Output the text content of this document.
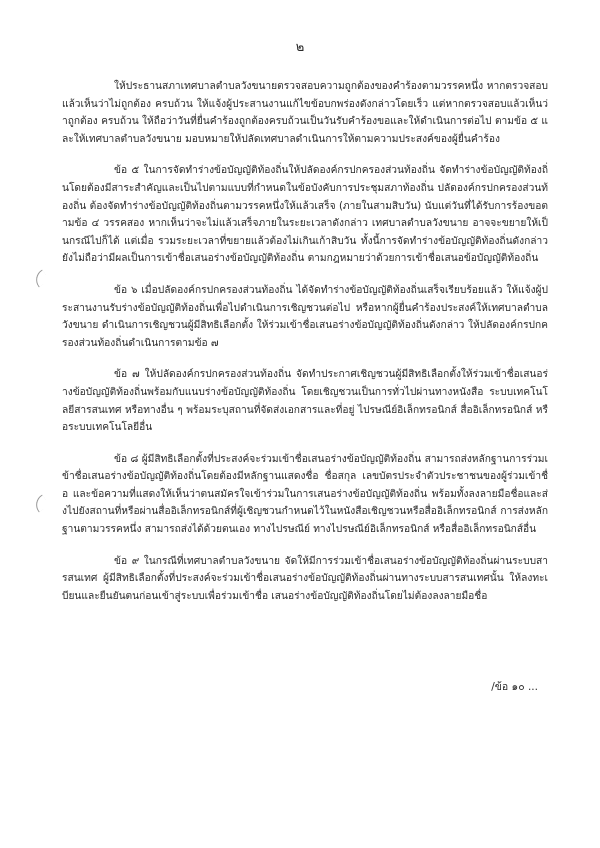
๒

ให้ประธานสภาเทศบาลตำบลวังขนายตรวจสอบความถูกต้องของคำร้องตามวรรคหนึ่ง หากตรวจสอบแล้วเห็นว่าไม่ถูกต้อง ครบถ้วน ให้แจ้งผู้ประสานงานแก้ไขข้อบกพร่องดังกล่าวโดยเร็ว แต่หากตรวจสอบแล้วเห็นว่าถูกต้อง ครบถ้วน ให้ถือว่าวันที่ยื่นคำร้องถูกต้องครบถ้วนเป็นวันรับคำร้องขอและให้ดำเนินการต่อไป ตามข้อ ๕ และให้เทศบาลตำบลวังขนาย มอบหมายให้ปลัดเทศบาลดำเนินการให้ตามความประสงค์ของผู้ยื่นคำร้อง

ข้อ ๕ ในการจัดทำร่างข้อบัญญัติท้องถิ่นให้ปลัดองค์กรปกครองส่วนท้องถิ่น จัดทำร่างข้อบัญญัติท้องถิ่นโดยต้องมีสาระสำคัญและเป็นไปตามแบบที่กำหนดในข้อบังคับการประชุมสภาท้องถิ่น ปลัดองค์กรปกครองส่วนท้องถิ่น ต้องจัดทำร่างข้อบัญญัติท้องถิ่นตามวรรคหนึ่งให้แล้วเสร็จ (ภายในสามสิบวัน) นับแต่วันที่ได้รับการร้องขอตามข้อ ๔ วรรคสอง หากเห็นว่าจะไม่แล้วเสร็จภายในระยะเวลาดังกล่าว เทศบาลตำบลวังขนาย อาจจะขยายให้เป็นกรณีไปก็ได้ แต่เมื่อ รวมระยะเวลาที่ขยายแล้วต้องไม่เกินเก้าสิบวัน ทั้งนี้การจัดทำร่างข้อบัญญัติท้องถิ่นดังกล่าวยังไม่ถือว่ามีผลเป็นการเข้าชื่อเสนอร่างข้อบัญญัติท้องถิ่น ตามกฎหมายว่าด้วยการเข้าชื่อเสนอข้อบัญญัติท้องถิ่น

ข้อ ๖ เมื่อปลัดองค์กรปกครองส่วนท้องถิ่น ได้จัดทำร่างข้อบัญญัติท้องถิ่นเสร็จเรียบร้อยแล้ว ให้แจ้งผู้ประสานงานรับร่างข้อบัญญัติท้องถิ่นเพื่อไปดำเนินการเชิญชวนต่อไป หรือหากผู้ยื่นคำร้องประสงค์ให้เทศบาลตำบลวังขนาย ดำเนินการเชิญชวนผู้มีสิทธิเลือกตั้ง ให้ร่วมเข้าชื่อเสนอร่างข้อบัญญัติท้องถิ่นดังกล่าว ให้ปลัดองค์กรปกครองส่วนท้องถิ่นดำเนินการตามข้อ ๗

ข้อ ๗ ให้ปลัดองค์กรปกครองส่วนท้องถิ่น จัดทำประกาศเชิญชวนผู้มีสิทธิเลือกตั้งให้ร่วมเข้าชื่อเสนอร่างข้อบัญญัติท้องถิ่นพร้อมกับแนบร่างข้อบัญญัติท้องถิ่น โดยเชิญชวนเป็นการทั่วไปผ่านทางหนังสือ ระบบเทคโนโลยีสารสนเทศ หรือทางอื่น ๆ พร้อมระบุสถานที่จัดส่งเอกสารและที่อยู่ ไปรษณีย์อิเล็กทรอนิกส์ สื่ออิเล็กทรอนิกส์ หรือระบบเทคโนโลยีอื่น

ข้อ ๘ ผู้มีสิทธิเลือกตั้งที่ประสงค์จะร่วมเข้าชื่อเสนอร่างข้อบัญญัติท้องถิ่น สามารถส่งหลักฐานการร่วมเข้าชื่อเสนอร่างข้อบัญญัติท้องถิ่นโดยต้องมีหลักฐานแสดงชื่อ ชื่อสกุล เลขบัตรประจำตัวประชาชนของผู้ร่วมเข้าชื่อ และข้อความที่แสดงให้เห็นว่าตนสมัครใจเข้าร่วมในการเสนอร่างข้อบัญญัติท้องถิ่น พร้อมทั้งลงลายมือชื่อและส่งไปยังสถานที่หรือผ่านสื่ออิเล็กทรอนิกส์ที่ผู้เชิญชวนกำหนดไว้ในหนังสือเชิญชวนหรือสื่ออิเล็กทรอนิกส์ การส่งหลักฐานตามวรรคหนึ่ง สามารถส่งได้ด้วยตนเอง ทางไปรษณีย์ ทางไปรษณีย์อิเล็กทรอนิกส์ หรือสื่ออิเล็กทรอนิกส์อื่น

ข้อ ๙ ในกรณีที่เทศบาลตำบลวังขนาย จัดให้มีการร่วมเข้าชื่อเสนอร่างข้อบัญญัติท้องถิ่นผ่านระบบสารสนเทศ ผู้มีสิทธิเลือกตั้งที่ประสงค์จะร่วมเข้าชื่อเสนอร่างข้อบัญญัติท้องถิ่นผ่านทางระบบสารสนเทศนั้น ให้ลงทะเบียนและยืนยันตนก่อนเข้าสู่ระบบเพื่อร่วมเข้าชื่อ เสนอร่างข้อบัญญัติท้องถิ่นโดยไม่ต้องลงลายมือชื่อ

/ข้อ ๑๐ ...
